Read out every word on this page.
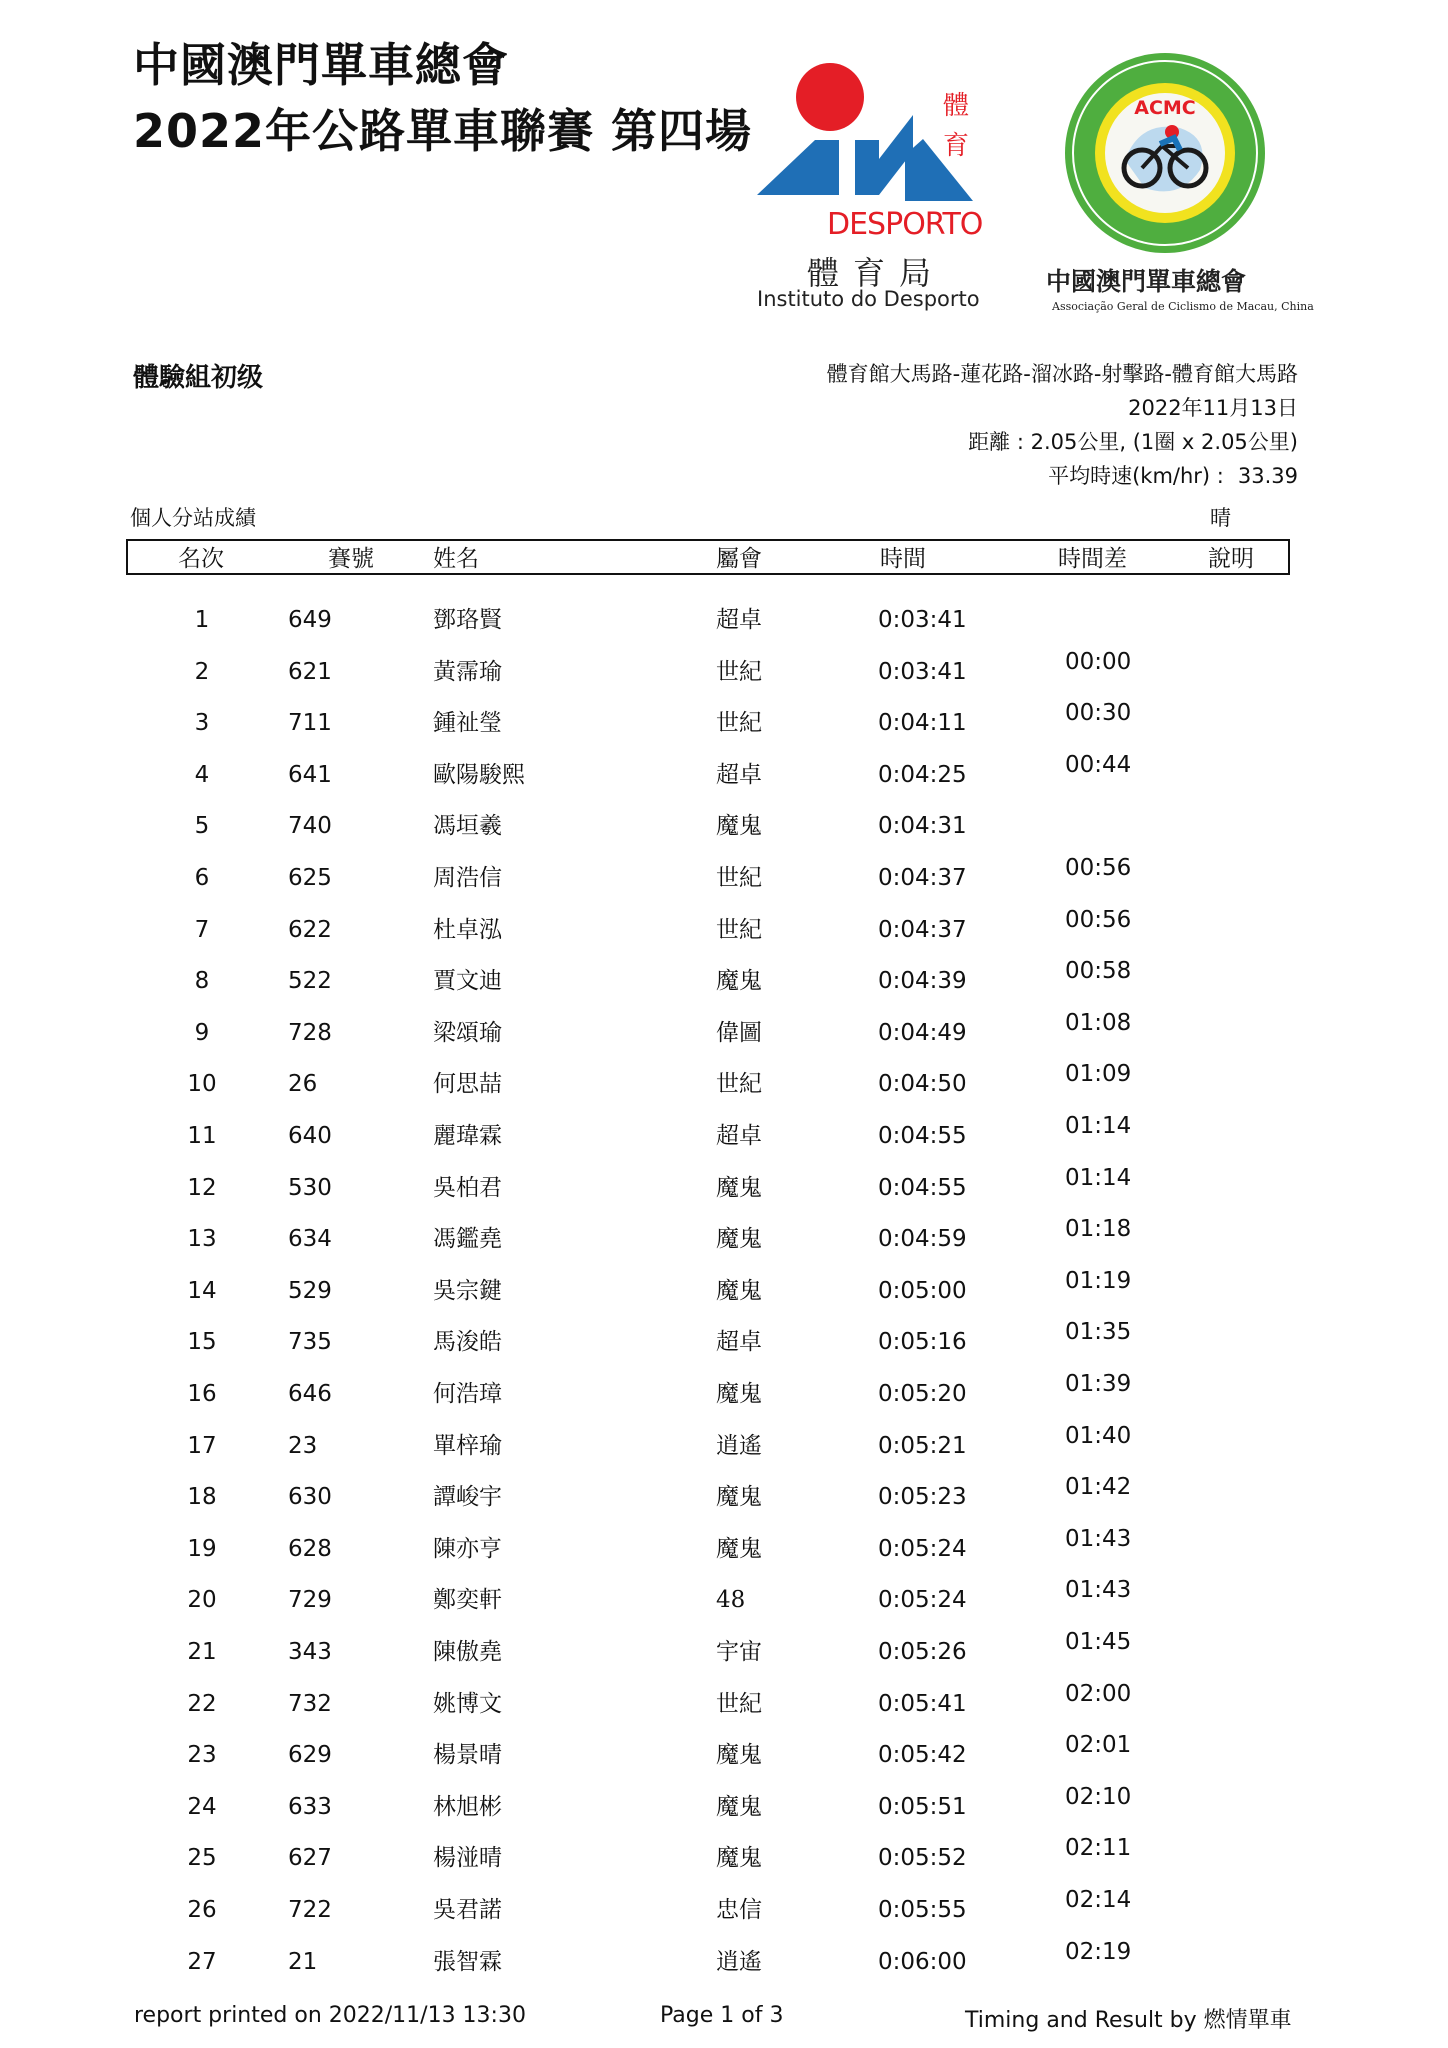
中國澳門單車總會
2022年公路單車聯賽 第四場	體
育
DESPORTO
體育局
Instituto do Desporto
ACMC
中國澳門單車總會
Associação Geral de Ciclismo de Macau, China
體驗組初级	體育館大馬路-蓮花路-溜冰路-射擊路-體育館大馬路
2022年11月13日
距離 : 2.05公里, (1圈 x 2.05公里)
平均時速(km/hr) : 33.39
個人分站成績	晴
名次	賽號	姓名	屬會	時間	時間差	說明
1	649	鄧珞賢	超卓	0:03:41
2	621	黃霈瑜	世紀	0:03:41	00:00
3	711	鍾祉瑩	世紀	0:04:11	00:30
4	641	歐陽駿熙	超卓	0:04:25	00:44
5	740	馮垣羲	魔鬼	0:04:31
6	625	周浩信	世紀	0:04:37	00:56
7	622	杜卓泓	世紀	0:04:37	00:56
8	522	賈文迪	魔鬼	0:04:39	00:58
9	728	梁頌瑜	偉圖	0:04:49	01:08
10	26	何思喆	世紀	0:04:50	01:09
11	640	麗瑋霖	超卓	0:04:55	01:14
12	530	吳柏君	魔鬼	0:04:55	01:14
13	634	馮鑑堯	魔鬼	0:04:59	01:18
14	529	吳宗鍵	魔鬼	0:05:00	01:19
15	735	馬浚皓	超卓	0:05:16	01:35
16	646	何浩璋	魔鬼	0:05:20	01:39
17	23	單梓瑜	逍遙	0:05:21	01:40
18	630	譚峻宇	魔鬼	0:05:23	01:42
19	628	陳亦亨	魔鬼	0:05:24	01:43
20	729	鄭奕軒	48	0:05:24	01:43
21	343	陳傲堯	宇宙	0:05:26	01:45
22	732	姚博文	世紀	0:05:41	02:00
23	629	楊景晴	魔鬼	0:05:42	02:01
24	633	林旭彬	魔鬼	0:05:51	02:10
25	627	楊湴晴	魔鬼	0:05:52	02:11
26	722	吳君諾	忠信	0:05:55	02:14
27	21	張智霖	逍遙	0:06:00	02:19
report printed on 2022/11/13 13:30	Page 1 of 3	Timing and Result by 燃情單車
